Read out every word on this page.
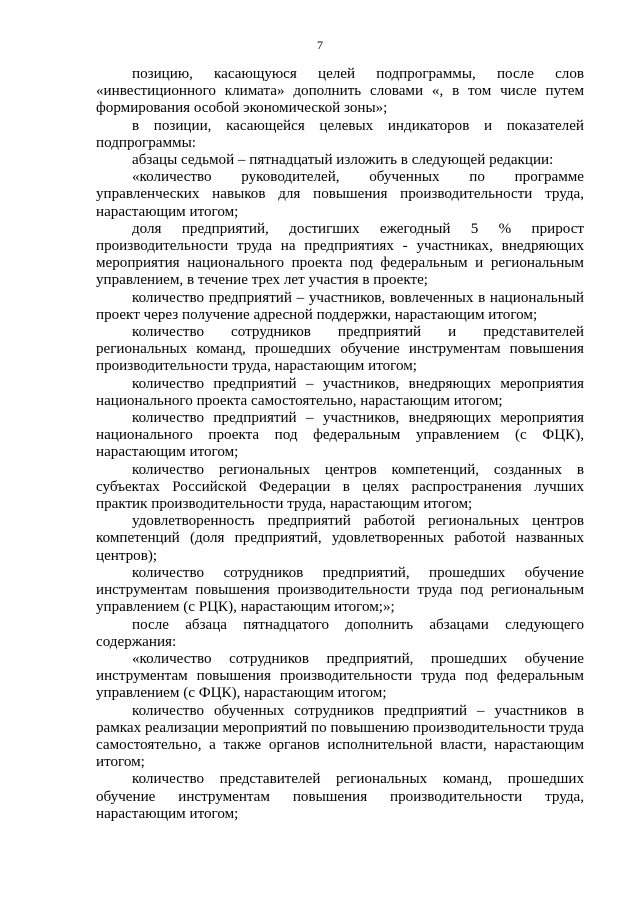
7

позицию, касающуюся целей подпрограммы, после слов «инвестиционного климата» дополнить словами «, в том числе путем формирования особой экономической зоны»;

в позиции, касающейся целевых индикаторов и показателей подпрограммы:

абзацы седьмой – пятнадцатый изложить в следующей редакции:

«количество руководителей, обученных по программе управленческих навыков для повышения производительности труда, нарастающим итогом;

доля предприятий, достигших ежегодный 5 % прирост производительности труда на предприятиях - участниках, внедряющих мероприятия национального проекта под федеральным и региональным управлением, в течение трех лет участия в проекте;

количество предприятий – участников, вовлеченных в национальный проект через получение адресной поддержки, нарастающим итогом;

количество сотрудников предприятий и представителей региональных команд, прошедших обучение инструментам повышения производительности труда, нарастающим итогом;

количество предприятий – участников, внедряющих мероприятия национального проекта самостоятельно, нарастающим итогом;

количество предприятий – участников, внедряющих мероприятия национального проекта под федеральным управлением (с ФЦК), нарастающим итогом;

количество региональных центров компетенций, созданных в субъектах Российской Федерации в целях распространения лучших практик производительности труда, нарастающим итогом;

удовлетворенность предприятий работой региональных центров компетенций (доля предприятий, удовлетворенных работой названных центров);

количество сотрудников предприятий, прошедших обучение инструментам повышения производительности труда под региональным управлением (с РЦК), нарастающим итогом;»;

после абзаца пятнадцатого дополнить абзацами следующего содержания:

«количество сотрудников предприятий, прошедших обучение инструментам повышения производительности труда под федеральным управлением (с ФЦК), нарастающим итогом;

количество обученных сотрудников предприятий – участников в рамках реализации мероприятий по повышению производительности труда самостоятельно, а также органов исполнительной власти, нарастающим итогом;

количество представителей региональных команд, прошедших обучение инструментам повышения производительности труда, нарастающим итогом;
